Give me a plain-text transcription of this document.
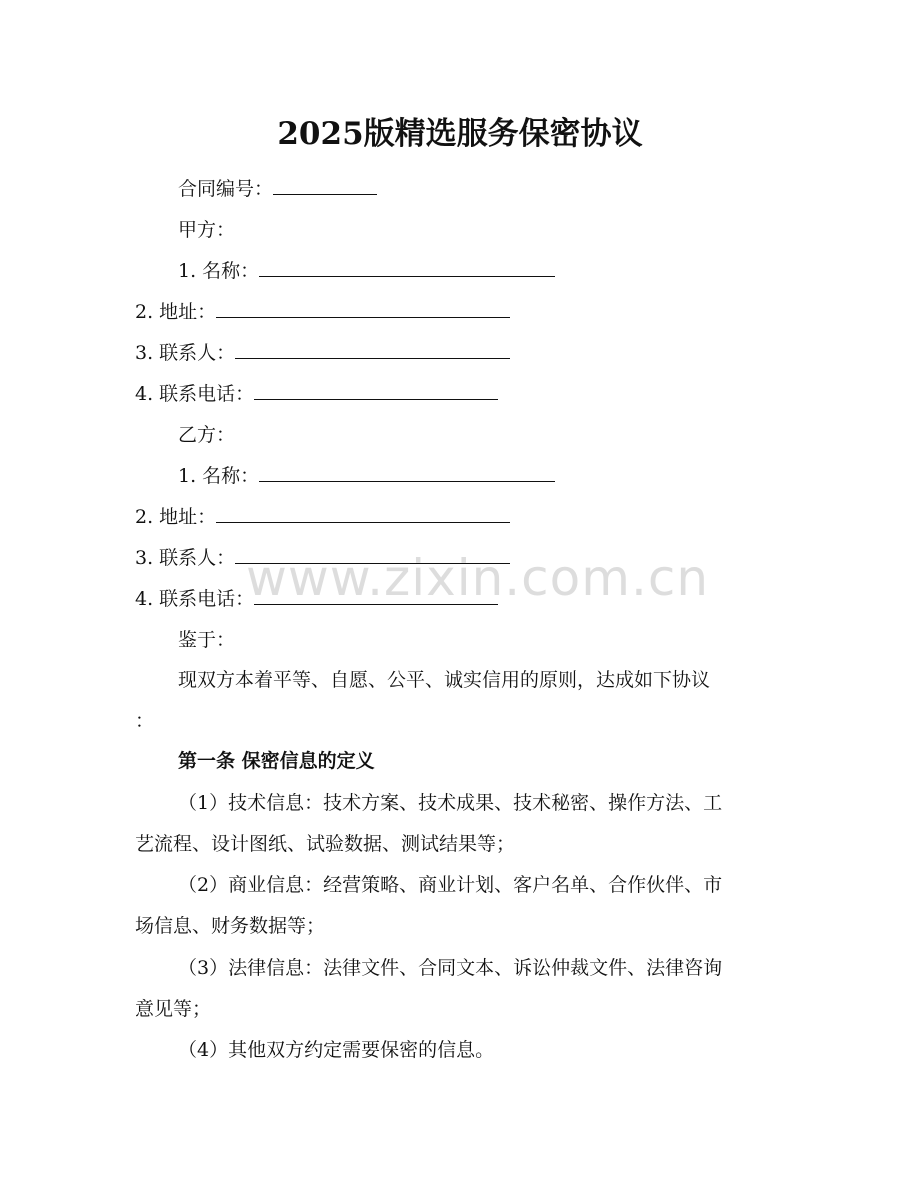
2025版精选服务保密协议
合同编号：
甲方：
1. 名称：
2. 地址：
3. 联系人：
4. 联系电话：
乙方：
1. 名称：
2. 地址：
3. 联系人：
4. 联系电话：
鉴于：
现双方本着平等、自愿、公平、诚实信用的原则，达成如下协议
：
第一条 保密信息的定义
（1）技术信息：技术方案、技术成果、技术秘密、操作方法、工
艺流程、设计图纸、试验数据、测试结果等；
（2）商业信息：经营策略、商业计划、客户名单、合作伙伴、市
场信息、财务数据等；
（3）法律信息：法律文件、合同文本、诉讼仲裁文件、法律咨询
意见等；
（4）其他双方约定需要保密的信息。
www.zixin.com.cn
